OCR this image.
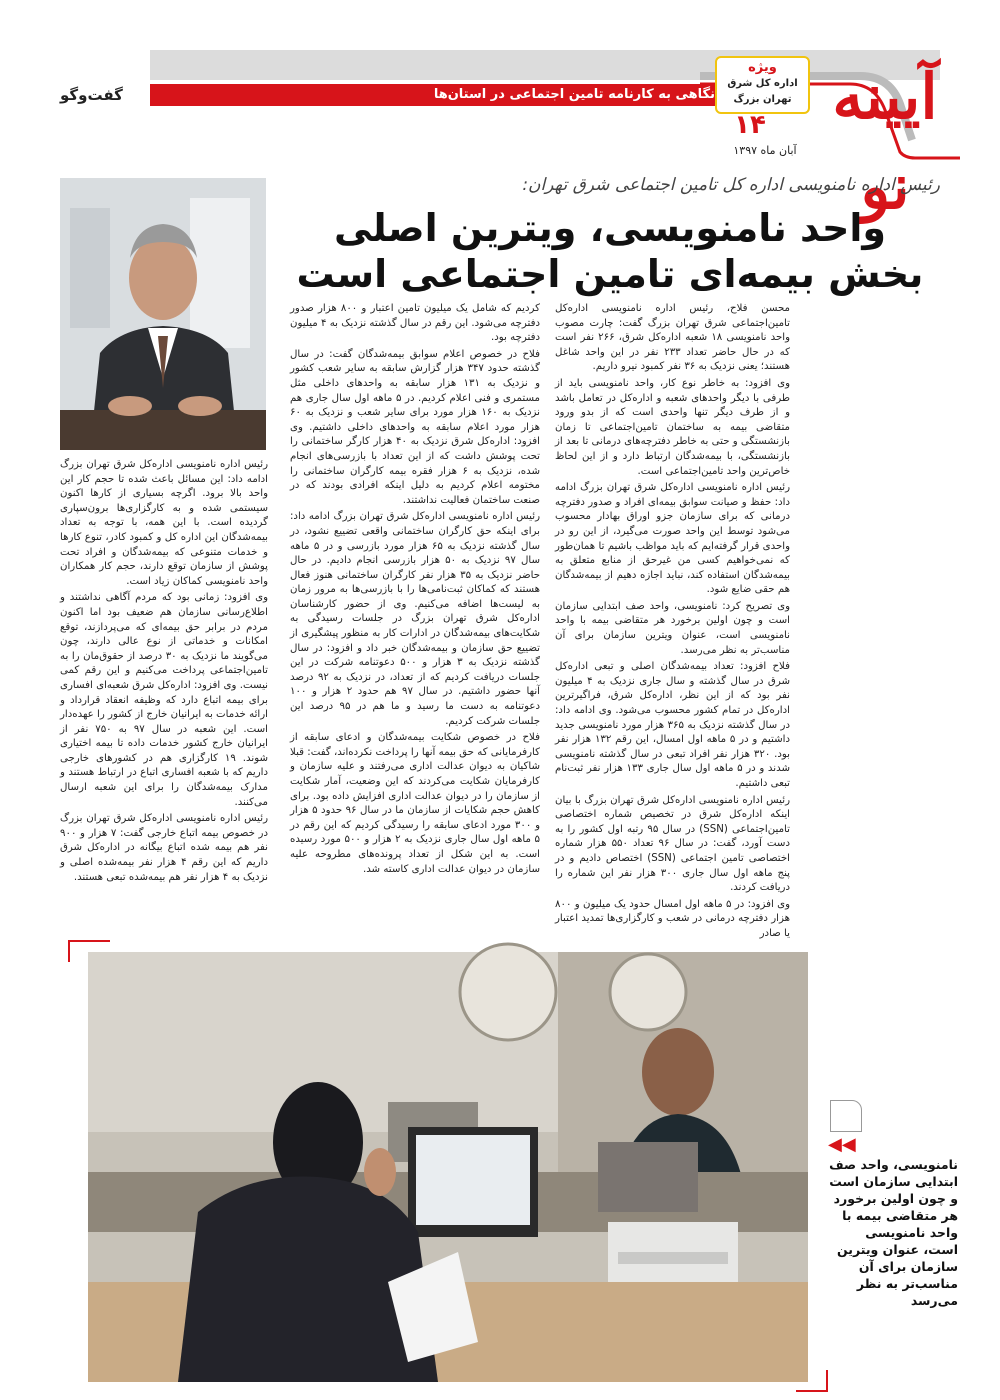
نگاهی به کارنامه تامین اجتماعی در استان‌ها
گفت‌وگو	آیینه نو
ویژه
اداره کل شرق
تهران بزرگ
۱۴
آبان ماه ۱۳۹۷
رئیس اداره نامنویسی اداره کل تامین اجتماعی شرق تهران:
واحد نامنویسی، ویترین اصلی
بخش بیمه‌ای تامین اجتماعی است

محسن فلاح، رئیس اداره نامنویسی اداره‌کل تامین‌اجتماعی شرق تهران بزرگ گفت: چارت مصوب واحد نامنویسی ۱۸ شعبه اداره‌کل شرق، ۲۶۶ نفر است که در حال حاضر تعداد ۲۳۳ نفر در این واحد شاغل هستند؛ یعنی نزدیک به ۳۶ نفر کمبود نیرو داریم.

وی افزود: به خاطر نوع کار، واحد نامنویسی باید از طرفی با دیگر واحدهای شعبه و اداره‌کل در تعامل باشد و از طرف دیگر تنها واحدی است که از بدو ورود متقاضی بیمه به ساختمان تامین‌اجتماعی تا زمان بازنشستگی و حتی به خاطر دفترچه‌های درمانی تا بعد از بازنشستگی، با بیمه‌شدگان ارتباط دارد و از این لحاظ خاص‌ترین واحد تامین‌اجتماعی است.

رئیس اداره نامنویسی اداره‌کل شرق تهران بزرگ ادامه داد: حفظ و صیانت سوابق بیمه‌ای افراد و صدور دفترچه درمانی که برای سازمان جزو اوراق بهادار محسوب می‌شود توسط این واحد صورت می‌گیرد، از این رو در واحدی قرار گرفته‌ایم که باید مواظب باشیم تا همان‌طور که نمی‌خواهیم کسی من غیرحق از منابع متعلق به بیمه‌شدگان استفاده کند، نباید اجازه دهیم از بیمه‌شدگان هم حقی ضایع شود.

وی تصریح کرد: نامنویسی، واحد صف ابتدایی سازمان است و چون اولین برخورد هر متقاضی بیمه با واحد نامنویسی است، عنوان ویترین سازمان برای آن مناسب‌تر به نظر می‌رسد.

فلاح افزود: تعداد بیمه‌شدگان اصلی و تبعی اداره‌کل شرق در سال گذشته و سال جاری نزدیک به ۴ میلیون نفر بود که از این نظر، اداره‌کل شرق، فراگیرترین اداره‌کل در تمام کشور محسوب می‌شود. وی ادامه داد: در سال گذشته نزدیک به ۳۶۵ هزار مورد نامنویسی جدید داشتیم و در ۵ ماهه اول امسال، این رقم ۱۳۲ هزار نفر بود. ۳۲۰ هزار نفر افراد تبعی در سال گذشته نامنویسی شدند و در ۵ ماهه اول سال جاری ۱۳۳ هزار نفر ثبت‌نام تبعی داشتیم.

رئیس اداره نامنویسی اداره‌کل شرق تهران بزرگ با بیان اینکه اداره‌کل شرق در تخصیص شماره اختصاصی تامین‌اجتماعی (SSN) در سال ۹۵ رتبه اول کشور را به دست آورد، گفت: در سال ۹۶ تعداد ۵۵۰ هزار شماره اختصاصی تامین اجتماعی (SSN) اختصاص دادیم و در پنج ماهه اول سال جاری ۳۰۰ هزار نفر این شماره را دریافت کردند.

وی افزود: در ۵ ماهه اول امسال حدود یک میلیون و ۸۰۰ هزار دفترچه درمانی در شعب و کارگزاری‌ها تمدید اعتبار یا صادر

کردیم که شامل یک میلیون تامین اعتبار و ۸۰۰ هزار صدور دفترچه می‌شود. این رقم در سال گذشته نزدیک به ۴ میلیون دفترچه بود.

فلاح در خصوص اعلام سوابق بیمه‌شدگان گفت: در سال گذشته حدود ۳۴۷ هزار گزارش سابقه به سایر شعب کشور و نزدیک به ۱۳۱ هزار سابقه به واحدهای داخلی مثل مستمری و فنی اعلام کردیم. در ۵ ماهه اول سال جاری هم نزدیک به ۱۶۰ هزار مورد برای سایر شعب و نزدیک به ۶۰ هزار مورد اعلام سابقه به واحدهای داخلی داشتیم. وی افزود: اداره‌کل شرق نزدیک به ۴۰ هزار کارگر ساختمانی را تحت پوشش داشت که از این تعداد با بازرسی‌های انجام شده، نزدیک به ۶ هزار فقره بیمه کارگران ساختمانی را مختومه اعلام کردیم به دلیل اینکه افرادی بودند که در صنعت ساختمان فعالیت نداشتند.

رئیس اداره نامنویسی اداره‌کل شرق تهران بزرگ ادامه داد: برای اینکه حق کارگران ساختمانی واقعی تضییع نشود، در سال گذشته نزدیک به ۶۵ هزار مورد بازرسی و در ۵ ماهه سال ۹۷ نزدیک به ۵۰ هزار بازرسی انجام دادیم. در حال حاضر نزدیک به ۳۵ هزار نفر کارگران ساختمانی هنوز فعال هستند که کماکان ثبت‌نامی‌ها را با بازرسی‌ها به مرور زمان به لیست‌ها اضافه می‌کنیم. وی از حضور کارشناسان اداره‌کل شرق تهران بزرگ در جلسات رسیدگی به شکایت‌های بیمه‌شدگان در ادارات کار به منظور پیشگیری از تضییع حق سازمان و بیمه‌شدگان خبر داد و افزود: در سال گذشته نزدیک به ۳ هزار و ۵۰۰ دعوتنامه شرکت در این جلسات دریافت کردیم که از تعداد، در نزدیک به ۹۲ درصد آنها حضور داشتیم. در سال ۹۷ هم حدود ۲ هزار و ۱۰۰ دعوتنامه به دست ما رسید و ما هم در ۹۵ درصد این جلسات شرکت کردیم.

فلاح در خصوص شکایت بیمه‌شدگان و ادعای سابقه از کارفرمایانی که حق بیمه آنها را پرداخت نکرده‌اند، گفت: قبلا شاکیان به دیوان عدالت اداری می‌رفتند و علیه سازمان و کارفرمایان شکایت می‌کردند که این وضعیت، آمار شکایت از سازمان را در دیوان عدالت اداری افزایش داده بود. برای کاهش حجم شکایات از سازمان ما در سال ۹۶ حدود ۵ هزار و ۳۰۰ مورد ادعای سابقه را رسیدگی کردیم که این رقم در ۵ ماهه اول سال جاری نزدیک به ۲ هزار و ۵۰۰ مورد رسیده است. به این شکل از تعداد پرونده‌های مطروحه علیه سازمان در دیوان عدالت اداری کاسته شد.

رئیس اداره نامنویسی اداره‌کل شرق تهران بزرگ ادامه داد: این مسائل باعث شده تا حجم کار این واحد بالا برود. اگرچه بسیاری از کارها اکنون سیستمی شده و به کارگزاری‌ها برون‌سپاری گردیده است. با این همه، با توجه به تعداد بیمه‌شدگان این اداره کل و کمبود کادر، تنوع کارها و خدمات متنوعی که بیمه‌شدگان و افراد تحت پوشش از سازمان توقع دارند، حجم کار همکاران واحد نامنویسی کماکان زیاد است.

وی افزود: زمانی بود که مردم آگاهی نداشتند و اطلاع‌رسانی سازمان هم ضعیف بود اما اکنون مردم در برابر حق بیمه‌ای که می‌پردازند، توقع امکانات و خدماتی از نوع عالی دارند، چون می‌گویند ما نزدیک به ۳۰ درصد از حقوق‌مان را به تامین‌اجتماعی پرداخت می‌کنیم و این رقم کمی نیست. وی افزود: اداره‌کل شرق شعبه‌ای افساری برای بیمه اتباع دارد که وظیفه انعقاد قرارداد و ارائه خدمات به ایرانیان خارج از کشور را عهده‌دار است. این شعبه در سال ۹۷ به ۷۵۰ نفر از ایرانیان خارج کشور خدمات داده تا بیمه اختیاری شوند. ۱۹ کارگزاری هم در کشورهای خارجی داریم که با شعبه افساری اتباع در ارتباط هستند و مدارک بیمه‌شدگان را برای این شعبه ارسال می‌کنند.

رئیس اداره نامنویسی اداره‌کل شرق تهران بزرگ در خصوص بیمه اتباع خارجی گفت: ۷ هزار و ۹۰۰ نفر هم بیمه شده اتباع بیگانه در اداره‌کل شرق داریم که این رقم ۴ هزار نفر بیمه‌شده اصلی و نزدیک به ۴ هزار نفر هم بیمه‌شده تبعی هستند.

◀◀
نامنویسی، واحد صف ابتدایی سازمان است و چون اولین برخورد هر متقاضی بیمه با واحد نامنویسی است، عنوان ویترین سازمان برای آن مناسب‌تر به نظر می‌رسد
